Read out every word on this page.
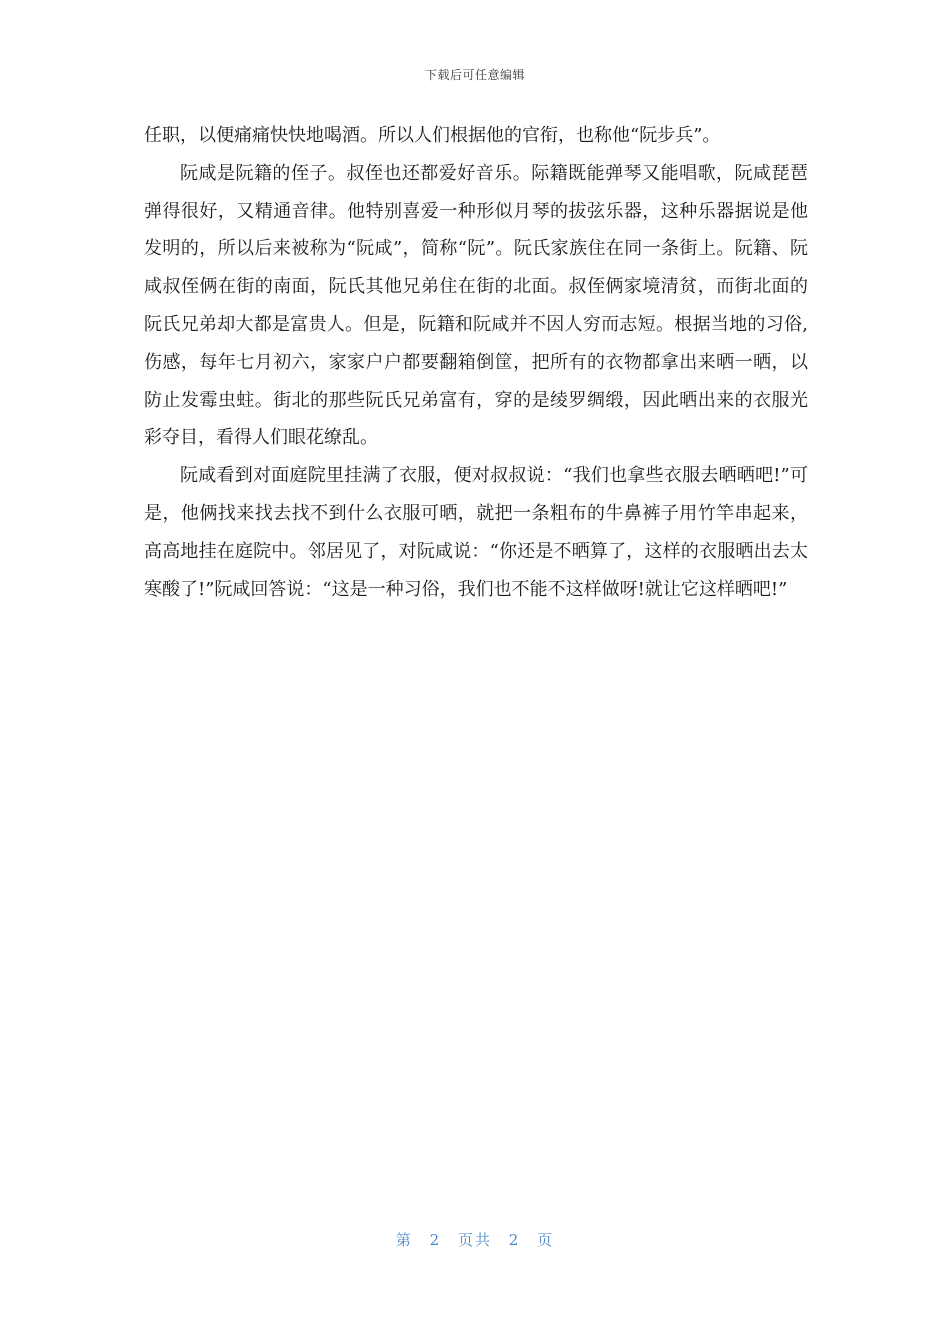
下载后可任意编辑

任职，以便痛痛快快地喝酒。所以人们根据他的官衔，也称他“阮步兵”。

阮咸是阮籍的侄子。叔侄也还都爱好音乐。际籍既能弹琴又能唱歌，阮咸琵琶弹得很好，又精通音律。他特别喜爱一种形似月琴的拔弦乐器，这种乐器据说是他发明的，所以后来被称为“阮咸”，简称“阮”。阮氏家族住在同一条街上。阮籍、阮咸叔侄俩在街的南面，阮氏其他兄弟住在街的北面。叔侄俩家境清贫，而街北面的阮氏兄弟却大都是富贵人。但是，阮籍和阮咸并不因人穷而志短。根据当地的习俗,伤感，每年七月初六，家家户户都要翻箱倒筐，把所有的衣物都拿出来晒一晒，以防止发霉虫蛀。街北的那些阮氏兄弟富有，穿的是绫罗绸缎，因此晒出来的衣服光彩夺目，看得人们眼花缭乱。

阮咸看到对面庭院里挂满了衣服，便对叔叔说：“我们也拿些衣服去晒晒吧!”可是，他俩找来找去找不到什么衣服可晒，就把一条粗布的牛鼻裤子用竹竿串起来，高高地挂在庭院中。邻居见了，对阮咸说：“你还是不晒算了，这样的衣服晒出去太寒酸了!”阮咸回答说：“这是一种习俗，我们也不能不这样做呀!就让它这样晒吧!”

第 2 页共 2 页
